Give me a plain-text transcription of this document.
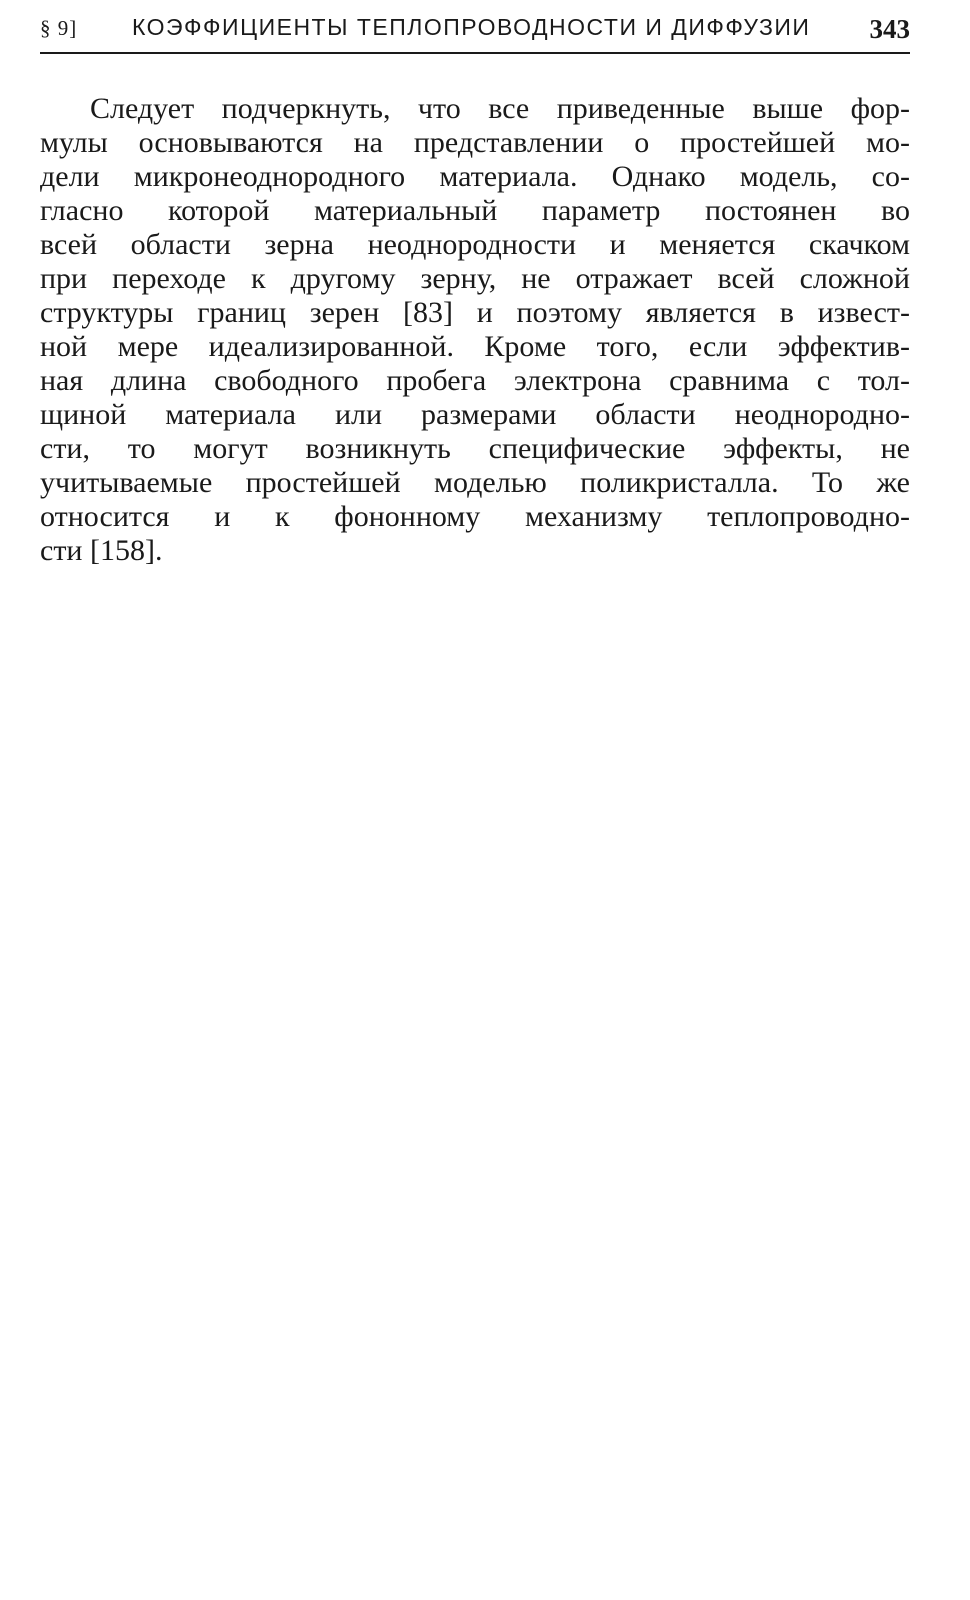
§ 9] КОЭФФИЦИЕНТЫ ТЕПЛОПРОВОДНОСТИ И ДИФФУЗИИ 343
Следует подчеркнуть, что все приведенные выше фор-
мулы основываются на представлении о простейшей мо-
дели микронеоднородного материала. Однако модель, со-
гласно которой материальный параметр постоянен во
всей области зерна неоднородности и меняется скачком
при переходе к другому зерну, не отражает всей сложной
структуры границ зерен [83] и поэтому является в извест-
ной мере идеализированной. Кроме того, если эффектив-
ная длина свободного пробега электрона сравнима с тол-
щиной материала или размерами области неоднородно-
сти, то могут возникнуть специфические эффекты, не
учитываемые простейшей моделью поликристалла. То же
относится и к фононному механизму теплопроводно-
сти [158].
